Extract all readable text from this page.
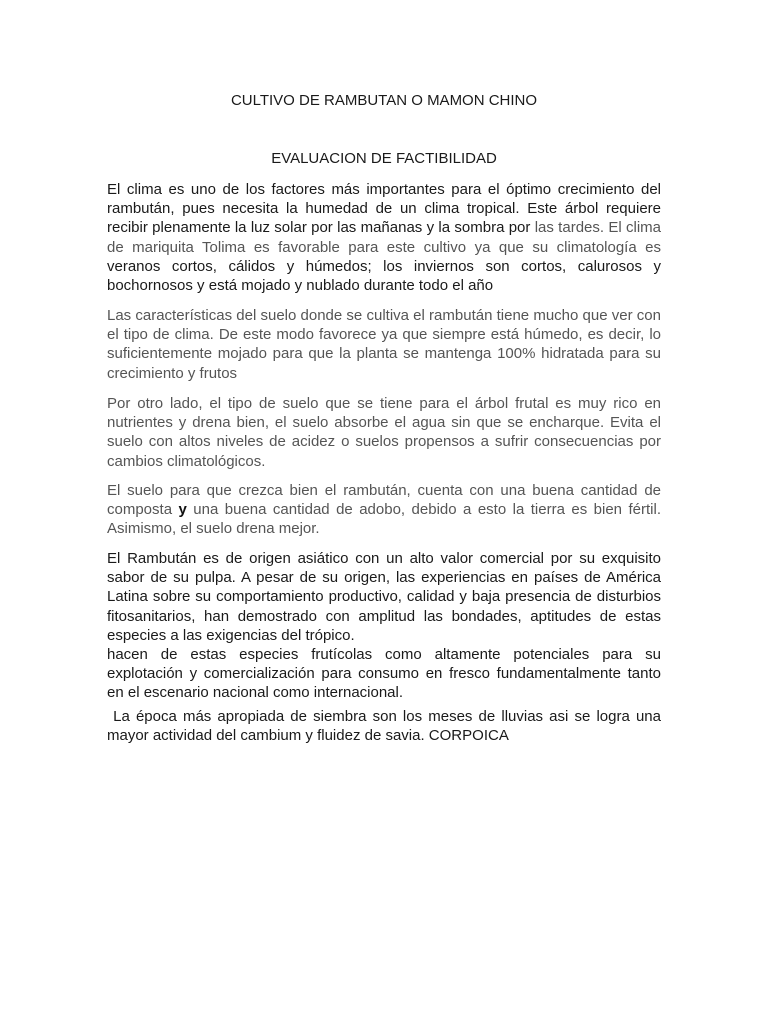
CULTIVO DE RAMBUTAN O MAMON CHINO
EVALUACION DE FACTIBILIDAD

El clima es uno de los factores más importantes para el óptimo crecimiento del rambután, pues necesita la humedad de un clima tropical. Este árbol requiere recibir plenamente la luz solar por las mañanas y la sombra por las tardes. El clima de mariquita Tolima es favorable para este cultivo ya que su climatología es veranos cortos, cálidos y húmedos; los inviernos son cortos, calurosos y bochornosos y está mojado y nublado durante todo el año

Las características del suelo donde se cultiva el rambután tiene mucho que ver con el tipo de clima. De este modo favorece ya que siempre está húmedo, es decir, lo suficientemente mojado para que la planta se mantenga 100% hidratada para su crecimiento y frutos

Por otro lado, el tipo de suelo que se tiene para el árbol frutal es muy rico en nutrientes y drena bien, el suelo absorbe el agua sin que se encharque. Evita el suelo con altos niveles de acidez o suelos propensos a sufrir consecuencias por cambios climatológicos.

El suelo para que crezca bien el rambután, cuenta con una buena cantidad de composta y una buena cantidad de adobo, debido a esto la tierra es bien fértil. Asimismo, el suelo drena mejor.

El Rambután es de origen asiático con un alto valor comercial por su exquisito sabor de su pulpa. A pesar de su origen, las experiencias en países de América Latina sobre su comportamiento productivo, calidad y baja presencia de disturbios fitosanitarios, han demostrado con amplitud las bondades, aptitudes de estas especies a las exigencias del trópico.
hacen de estas especies frutícolas como altamente potenciales para su explotación y comercialización para consumo en fresco fundamentalmente tanto en el escenario nacional como internacional.

La época más apropiada de siembra son los meses de lluvias asi se logra una mayor actividad del cambium y fluidez de savia. CORPOICA
